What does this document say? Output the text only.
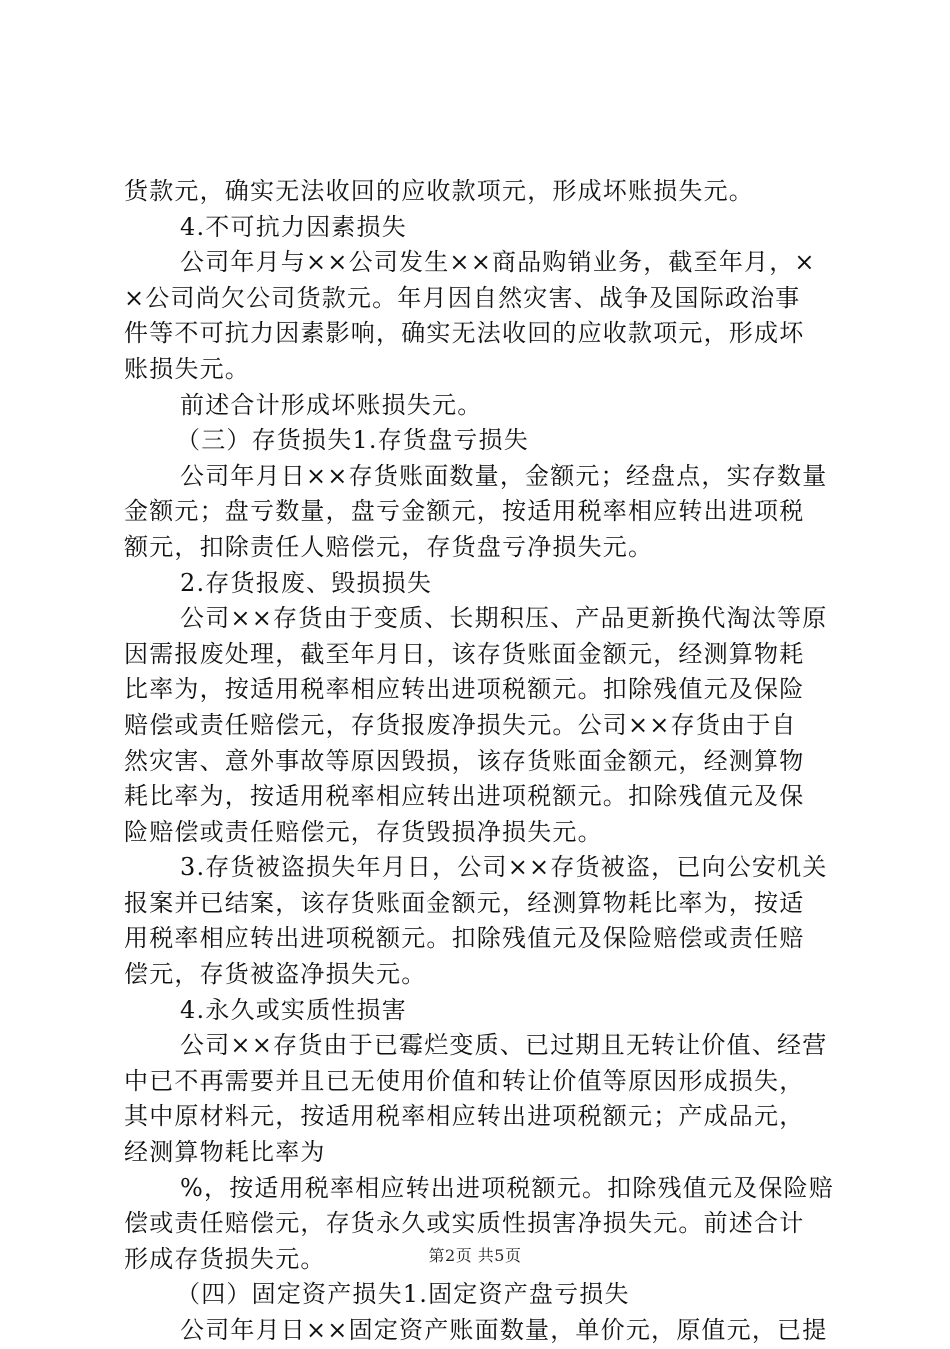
货款元，确实无法收回的应收款项元，形成坏账损失元。
4.不可抗力因素损失
公司年月与××公司发生××商品购销业务，截至年月，×
×公司尚欠公司货款元。年月因自然灾害、战争及国际政治事
件等不可抗力因素影响，确实无法收回的应收款项元，形成坏
账损失元。
前述合计形成坏账损失元。
（三）存货损失1.存货盘亏损失
公司年月日××存货账面数量，金额元；经盘点，实存数量
金额元；盘亏数量，盘亏金额元，按适用税率相应转出进项税
额元，扣除责任人赔偿元，存货盘亏净损失元。
2.存货报废、毁损损失
公司××存货由于变质、长期积压、产品更新换代淘汰等原
因需报废处理，截至年月日，该存货账面金额元，经测算物耗
比率为，按适用税率相应转出进项税额元。扣除残值元及保险
赔偿或责任赔偿元，存货报废净损失元。公司××存货由于自
然灾害、意外事故等原因毁损，该存货账面金额元，经测算物
耗比率为，按适用税率相应转出进项税额元。扣除残值元及保
险赔偿或责任赔偿元，存货毁损净损失元。
3.存货被盗损失年月日，公司××存货被盗，已向公安机关
报案并已结案，该存货账面金额元，经测算物耗比率为，按适
用税率相应转出进项税额元。扣除残值元及保险赔偿或责任赔
偿元，存货被盗净损失元。
4.永久或实质性损害
公司××存货由于已霉烂变质、已过期且无转让价值、经营
中已不再需要并且已无使用价值和转让价值等原因形成损失，
其中原材料元，按适用税率相应转出进项税额元；产成品元，
经测算物耗比率为
%，按适用税率相应转出进项税额元。扣除残值元及保险赔
偿或责任赔偿元，存货永久或实质性损害净损失元。前述合计
形成存货损失元。
（四）固定资产损失1.固定资产盘亏损失
公司年月日××固定资产账面数量，单价元，原值元，已提
第2页 共5页
